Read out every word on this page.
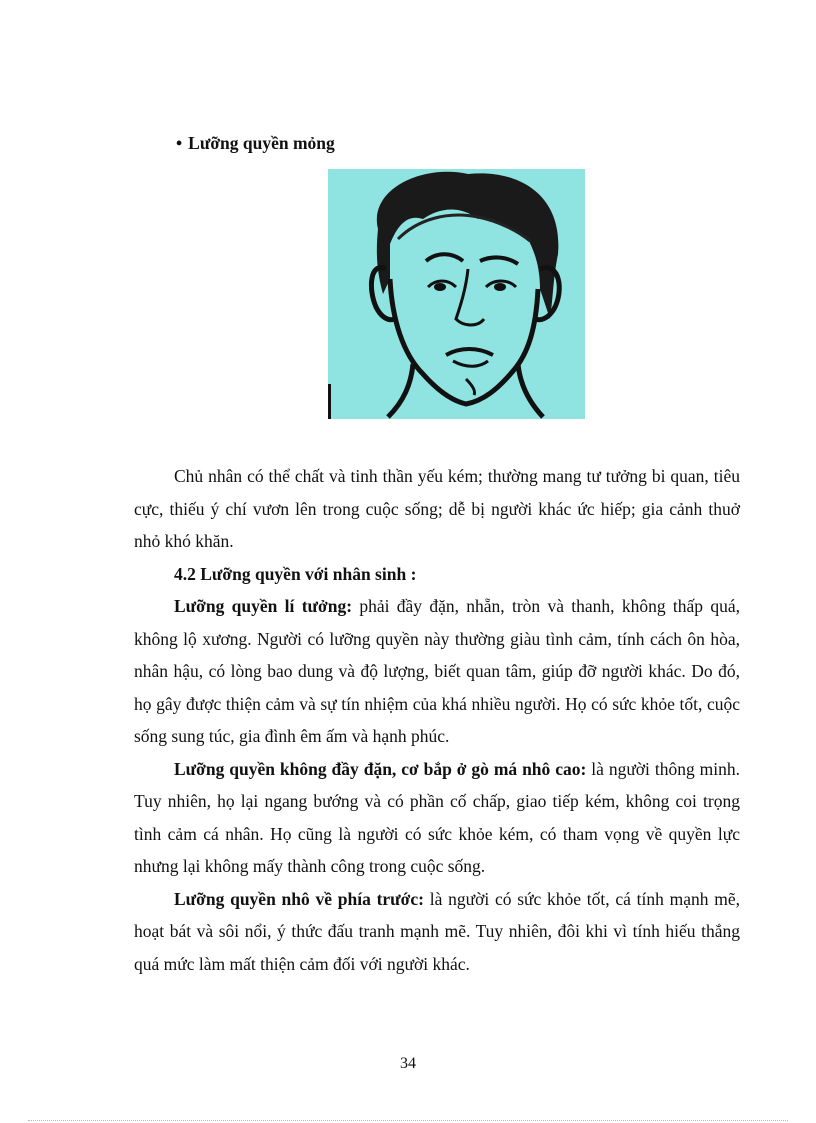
• Lưỡng quyền mỏng

Chủ nhân có thể chất và tinh thần yếu kém; thường mang tư tưởng bi quan, tiêu cực, thiếu ý chí vươn lên trong cuộc sống; dễ bị người khác ức hiếp; gia cảnh thuở nhỏ khó khăn.

4.2 Lưỡng quyền với nhân sinh :

Lưỡng quyền lí tưởng: phải đầy đặn, nhẵn, tròn và thanh, không thấp quá, không lộ xương. Người có lưỡng quyền này thường giàu tình cảm, tính cách ôn hòa, nhân hậu, có lòng bao dung và độ lượng, biết quan tâm, giúp đỡ người khác. Do đó, họ gây được thiện cảm và sự tín nhiệm của khá nhiều người. Họ có sức khỏe tốt, cuộc sống sung túc, gia đình êm ấm và hạnh phúc.

Lưỡng quyền không đầy đặn, cơ bắp ở gò má nhô cao: là người thông minh. Tuy nhiên, họ lại ngang bướng và có phần cố chấp, giao tiếp kém, không coi trọng tình cảm cá nhân. Họ cũng là người có sức khỏe kém, có tham vọng về quyền lực nhưng lại không mấy thành công trong cuộc sống.

Lưỡng quyền nhô về phía trước: là người có sức khỏe tốt, cá tính mạnh mẽ, hoạt bát và sôi nổi, ý thức đấu tranh mạnh mẽ. Tuy nhiên, đôi khi vì tính hiếu thắng quá mức làm mất thiện cảm đối với người khác.

34
